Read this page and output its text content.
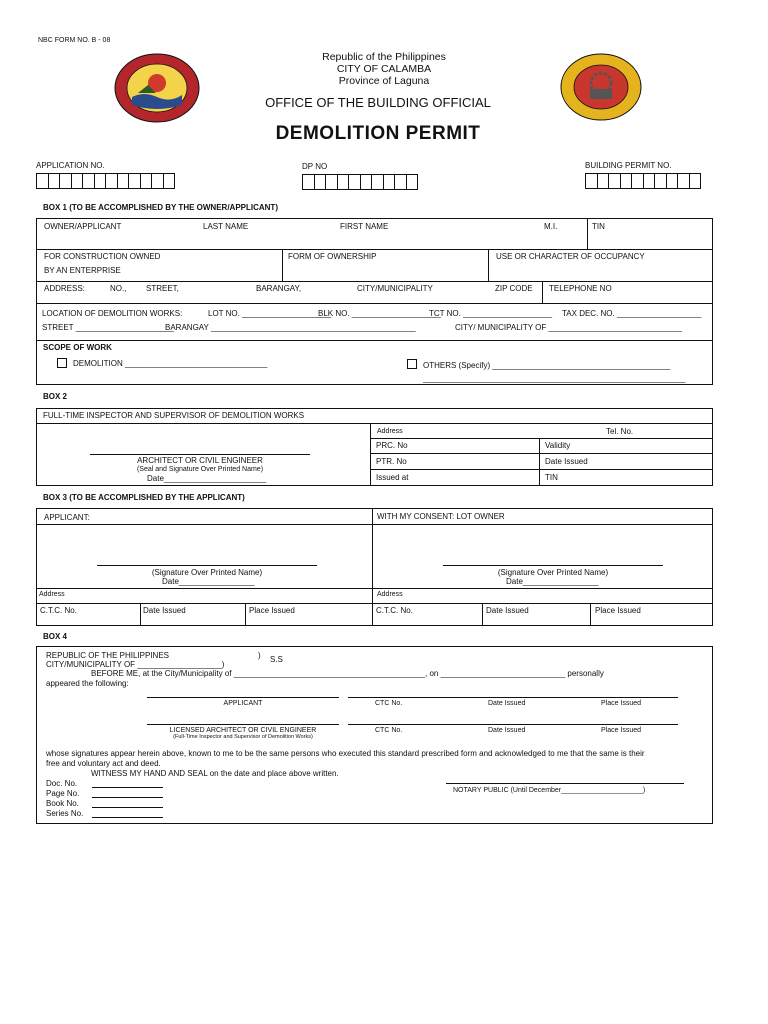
NBC FORM NO. B - 08
Republic of the Philippines
CITY OF CALAMBA
Province of Laguna
OFFICE OF THE BUILDING OFFICIAL
DEMOLITION PERMIT
APPLICATION NO.	DP NO	BUILDING PERMIT NO.
BOX 1 (TO BE ACCOMPLISHED BY THE OWNER/APPLICANT)
OWNER/APPLICANT	LAST NAME	FIRST NAME	M.I.	TIN
FOR CONSTRUCTION OWNED
BY AN ENTERPRISE
FORM OF OWNERSHIP	USE OR CHARACTER OF OCCUPANCY
ADDRESS:	NO., STREET,	BARANGAY,	CITY/MUNICIPALITY	ZIP CODE TELEPHONE NO
LOCATION OF DEMOLITION WORKS:	LOT NO. ____________________
BLK NO. ____________________
TCT NO. ____________________ TAX DEC. NO. ___________________
STREET ______________________
BARANGAY ______________________________________________	CITY/ MUNICIPALITY OF ______________________________
SCOPE OF WORK
DEMOLITION ________________________________	OTHERS (Specify) ________________________________________
___________________________________________________________
BOX 2
FULL-TIME INSPECTOR AND SUPERVISOR OF DEMOLITION WORKS
ARCHITECT OR CIVIL ENGINEER
(Seal and Signature Over Printed Name)
Date_______________________
Address	Tel. No.
PRC. No	Validity
PTR. No	Date Issued
Issued at	TIN
BOX 3 (TO BE ACCOMPLISHED BY THE APPLICANT)
APPLICANT:	WITH MY CONSENT: LOT OWNER
(Signature Over Printed Name)
Date_________________
(Signature Over Printed Name)
Date_________________
Address	Address
C.T.C. No.	Date Issued	Place Issued	C.T.C. No.	Date Issued	Place Issued
BOX 4
REPUBLIC OF THE PHILIPPINES	) S.S
CITY/MUNICIPALITY OF ___________________)
BEFORE ME, at the City/Municipality of ___________________________________________, on ____________________________ personally
appeared the following:
APPLICANT	CTC No.	Date Issued	Place Issued
LICENSED ARCHITECT OR CIVIL ENGINEER
(Full-Time Inspector and Supervisor of Demolition Works)
CTC No.	Date Issued	Place Issued
whose signatures appear herein above, known to me to be the same persons who executed this standard prescribed form and acknowledged to me that the same is their
free and voluntary act and deed.
WITNESS MY HAND AND SEAL on the date and place above written.
Doc. No.
Page No.
Book No.
Series No.
NOTARY PUBLIC (Until December_____________________)
